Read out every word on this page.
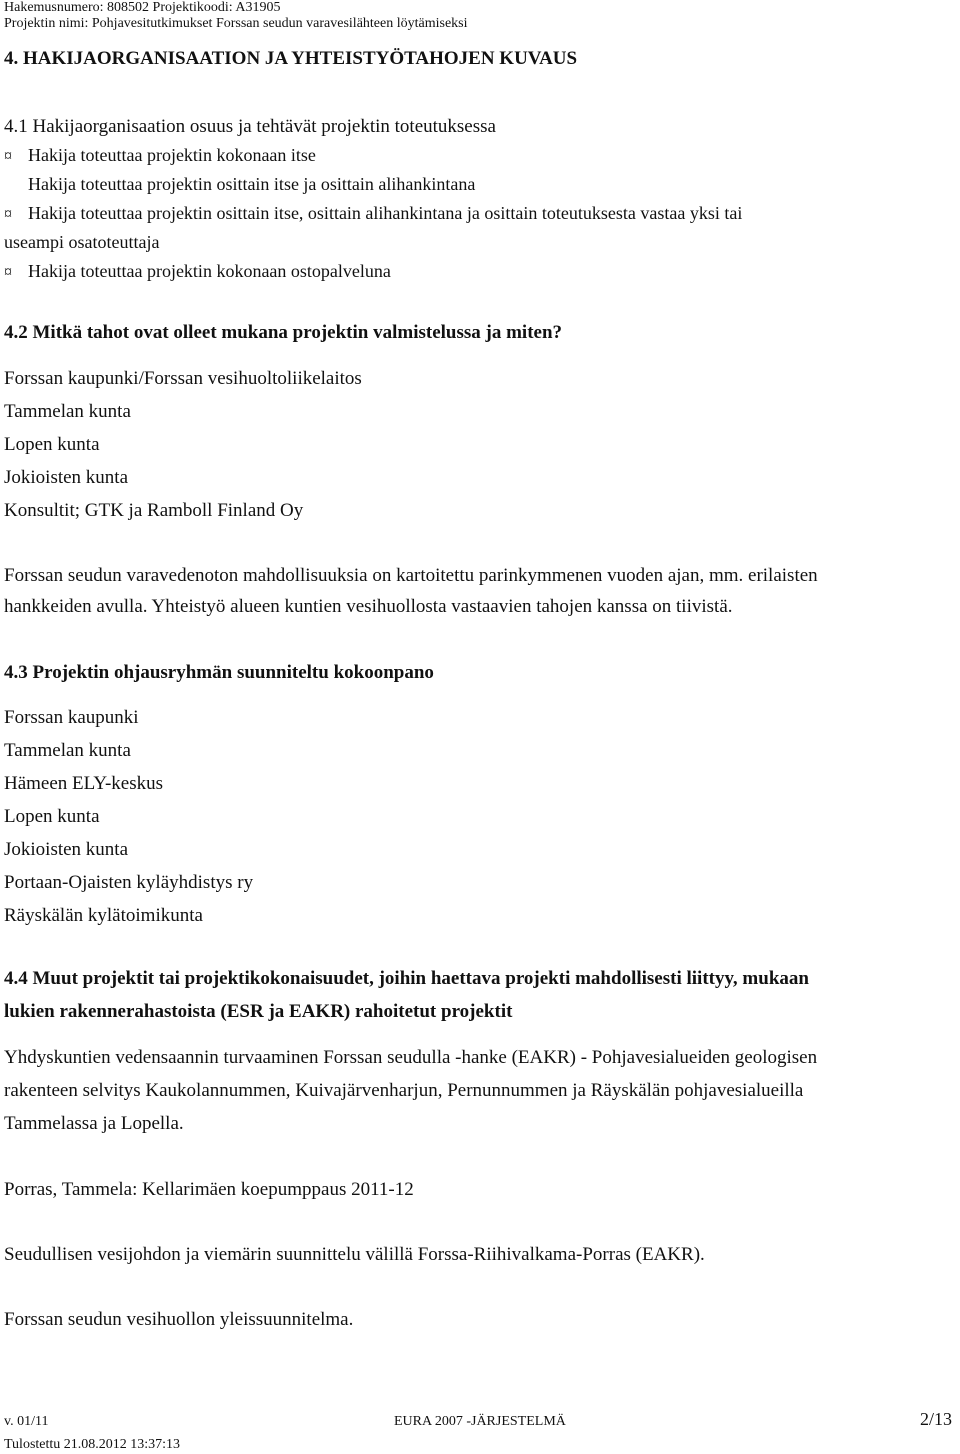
Hakemusnumero: 808502 Projektikoodi: A31905
Projektin nimi: Pohjavesitutkimukset Forssan seudun varavesilähteen löytämiseksi
4. HAKIJAORGANISAATION JA YHTEISTYÖTAHOJEN KUVAUS
4.1 Hakijaorganisaation osuus ja tehtävät projektin toteutuksessa
¤ Hakija toteuttaa projektin kokonaan itse
Hakija toteuttaa projektin osittain itse ja osittain alihankintana
¤ Hakija toteuttaa projektin osittain itse, osittain alihankintana ja osittain toteutuksesta vastaa yksi tai
useampi osatoteuttaja
¤ Hakija toteuttaa projektin kokonaan ostopalveluna
4.2 Mitkä tahot ovat olleet mukana projektin valmistelussa ja miten?
Forssan kaupunki/Forssan vesihuoltoliikelaitos
Tammelan kunta
Lopen kunta
Jokioisten kunta
Konsultit; GTK ja Ramboll Finland Oy
Forssan seudun varavedenoton mahdollisuuksia on kartoitettu parinkymmenen vuoden ajan, mm. erilaisten
hankkeiden avulla. Yhteistyö alueen kuntien vesihuollosta vastaavien tahojen kanssa on tiivistä.
4.3 Projektin ohjausryhmän suunniteltu kokoonpano
Forssan kaupunki
Tammelan kunta
Hämeen ELY-keskus
Lopen kunta
Jokioisten kunta
Portaan-Ojaisten kyläyhdistys ry
Räyskälän kylätoimikunta
4.4 Muut projektit tai projektikokonaisuudet, joihin haettava projekti mahdollisesti liittyy, mukaan
lukien rakennerahastoista (ESR ja EAKR) rahoitetut projektit
Yhdyskuntien vedensaannin turvaaminen Forssan seudulla -hanke (EAKR) - Pohjavesialueiden geologisen
rakenteen selvitys Kaukolannummen, Kuivajärvenharjun, Pernunnummen ja Räyskälän pohjavesialueilla
Tammelassa ja Lopella.
Porras, Tammela: Kellarimäen koepumppaus 2011-12
Seudullisen vesijohdon ja viemärin suunnittelu välillä Forssa-Riihivalkama-Porras (EAKR).
Forssan seudun vesihuollon yleissuunnitelma.
v. 01/11	EURA 2007 -JÄRJESTELMÄ	2/13
Tulostettu 21.08.2012 13:37:13
